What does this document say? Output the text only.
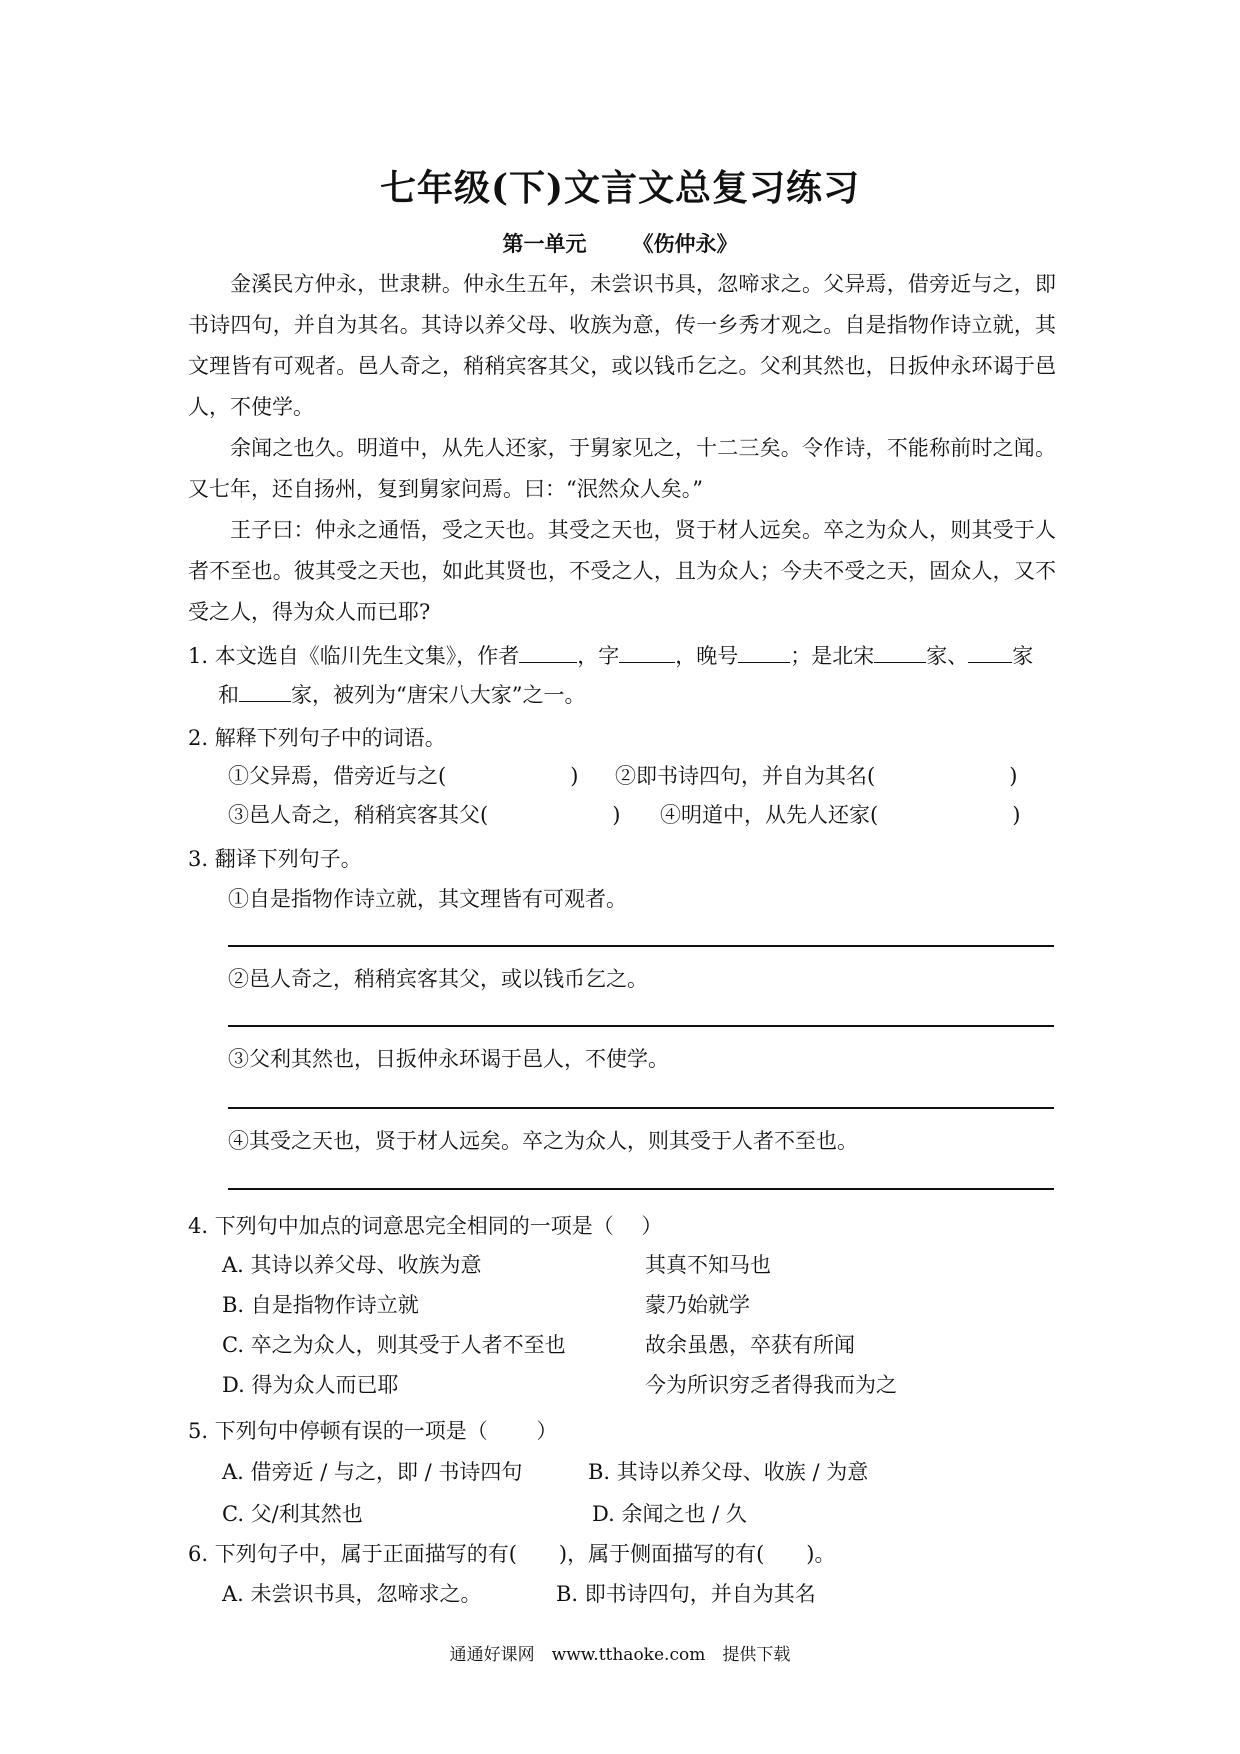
七年级(下)文言文总复习练习
第一单元 《伤仲永》
金溪民方仲永，世隶耕。仲永生五年，未尝识书具，忽啼求之。父异焉，借旁近与之，即书诗四句，并自为其名。其诗以养父母、收族为意，传一乡秀才观之。自是指物作诗立就，其文理皆有可观者。邑人奇之，稍稍宾客其父，或以钱币乞之。父利其然也，日扳仲永环谒于邑人，不使学。
余闻之也久。明道中，从先人还家，于舅家见之，十二三矣。令作诗，不能称前时之闻。又七年，还自扬州，复到舅家问焉。曰：“泯然众人矣。”
王子曰：仲永之通悟，受之天也。其受之天也，贤于材人远矣。卒之为众人，则其受于人者不至也。彼其受之天也，如此其贤也，不受之人，且为众人；今夫不受之天，固众人，又不受之人，得为众人而已耶?
1. 本文选自《临川先生文集》，作者	，字	，晚号 ；是北宋 家、 家
和 家，被列为“唐宋八大家”之一。
2. 解释下列句子中的词语。
①父异焉，借旁近与之(	) ②即书诗四句，并自为其名(	)
③邑人奇之，稍稍宾客其父(	) ④明道中，从先人还家(	)
3. 翻译下列句子。
①自是指物作诗立就，其文理皆有可观者。
②邑人奇之，稍稍宾客其父，或以钱币乞之。
③父利其然也，日扳仲永环谒于邑人，不使学。
④其受之天也，贤于材人远矣。卒之为众人，则其受于人者不至也。
4. 下列句中加点的词意思完全相同的一项是（　 ）
A. 其诗以养父母、收族为意	其真不知马也
B. 自是指物作诗立就	蒙乃始就学
C. 卒之为众人，则其受于人者不至也	故余虽愚，卒获有所闻
D. 得为众人而已耶	今为所识穷乏者得我而为之
5. 下列句中停顿有误的一项是（　　 ）
A. 借旁近 / 与之，即 / 书诗四句	B. 其诗以养父母、收族 / 为意
C. 父/利其然也	D. 余闻之也 / 久
6. 下列句子中，属于正面描写的有(　　)，属于侧面描写的有(　　)。
A. 未尝识书具，忽啼求之。	B. 即书诗四句，并自为其名
通通好课网　www.tthaoke.com　提供下载
